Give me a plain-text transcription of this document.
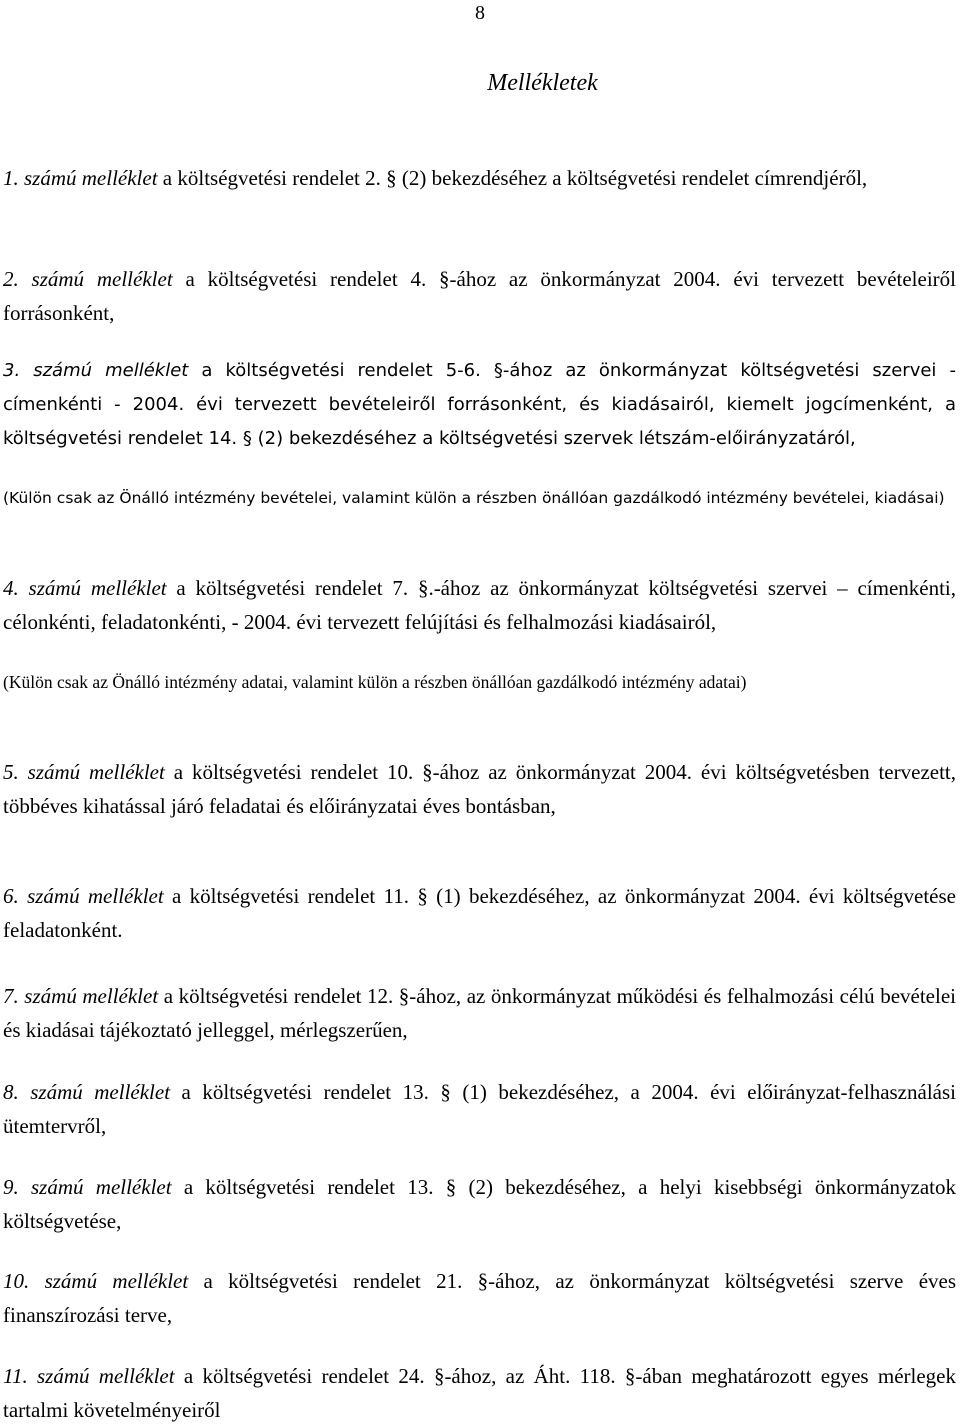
8
Mellékletek

1. számú melléklet a költségvetési rendelet 2. § (2) bekezdéséhez a költségvetési rendelet címrendjéről,

2. számú melléklet a költségvetési rendelet 4. §-ához az önkormányzat 2004. évi tervezett bevételeiről forrásonként,

3. számú melléklet a költségvetési rendelet 5-6. §-ához az önkormányzat költségvetési szervei - címenkénti - 2004. évi tervezett bevételeiről forrásonként, és kiadásairól, kiemelt jogcímenként, a költségvetési rendelet 14. § (2) bekezdéséhez a költségvetési szervek létszám-előirányzatáról,

(Külön csak az Önálló intézmény bevételei, valamint külön a részben önállóan gazdálkodó intézmény bevételei, kiadásai)

4. számú melléklet a költségvetési rendelet 7. §.-ához az önkormányzat költségvetési szervei – címenkénti, célonkénti, feladatonkénti, - 2004. évi tervezett felújítási és felhalmozási kiadásairól,

(Külön csak az Önálló intézmény adatai, valamint külön a részben önállóan gazdálkodó intézmény adatai)

5. számú melléklet a költségvetési rendelet 10. §-ához az önkormányzat 2004. évi költségvetésben tervezett, többéves kihatással járó feladatai és előirányzatai éves bontásban,

6. számú melléklet a költségvetési rendelet 11. § (1) bekezdéséhez, az önkormányzat 2004. évi költségvetése feladatonként.

7. számú melléklet a költségvetési rendelet 12. §-ához, az önkormányzat működési és felhalmozási célú bevételei és kiadásai tájékoztató jelleggel, mérlegszerűen,

8. számú melléklet a költségvetési rendelet 13. § (1) bekezdéséhez, a 2004. évi előirányzat-felhasználási ütemtervről,

9. számú melléklet a költségvetési rendelet 13. § (2) bekezdéséhez, a helyi kisebbségi önkormányzatok költségvetése,

10. számú melléklet a költségvetési rendelet 21. §-ához, az önkormányzat költségvetési szerve éves finanszírozási terve,

11. számú melléklet a költségvetési rendelet 24. §-ához, az Áht. 118. §-ában meghatározott egyes mérlegek tartalmi követelményeiről
